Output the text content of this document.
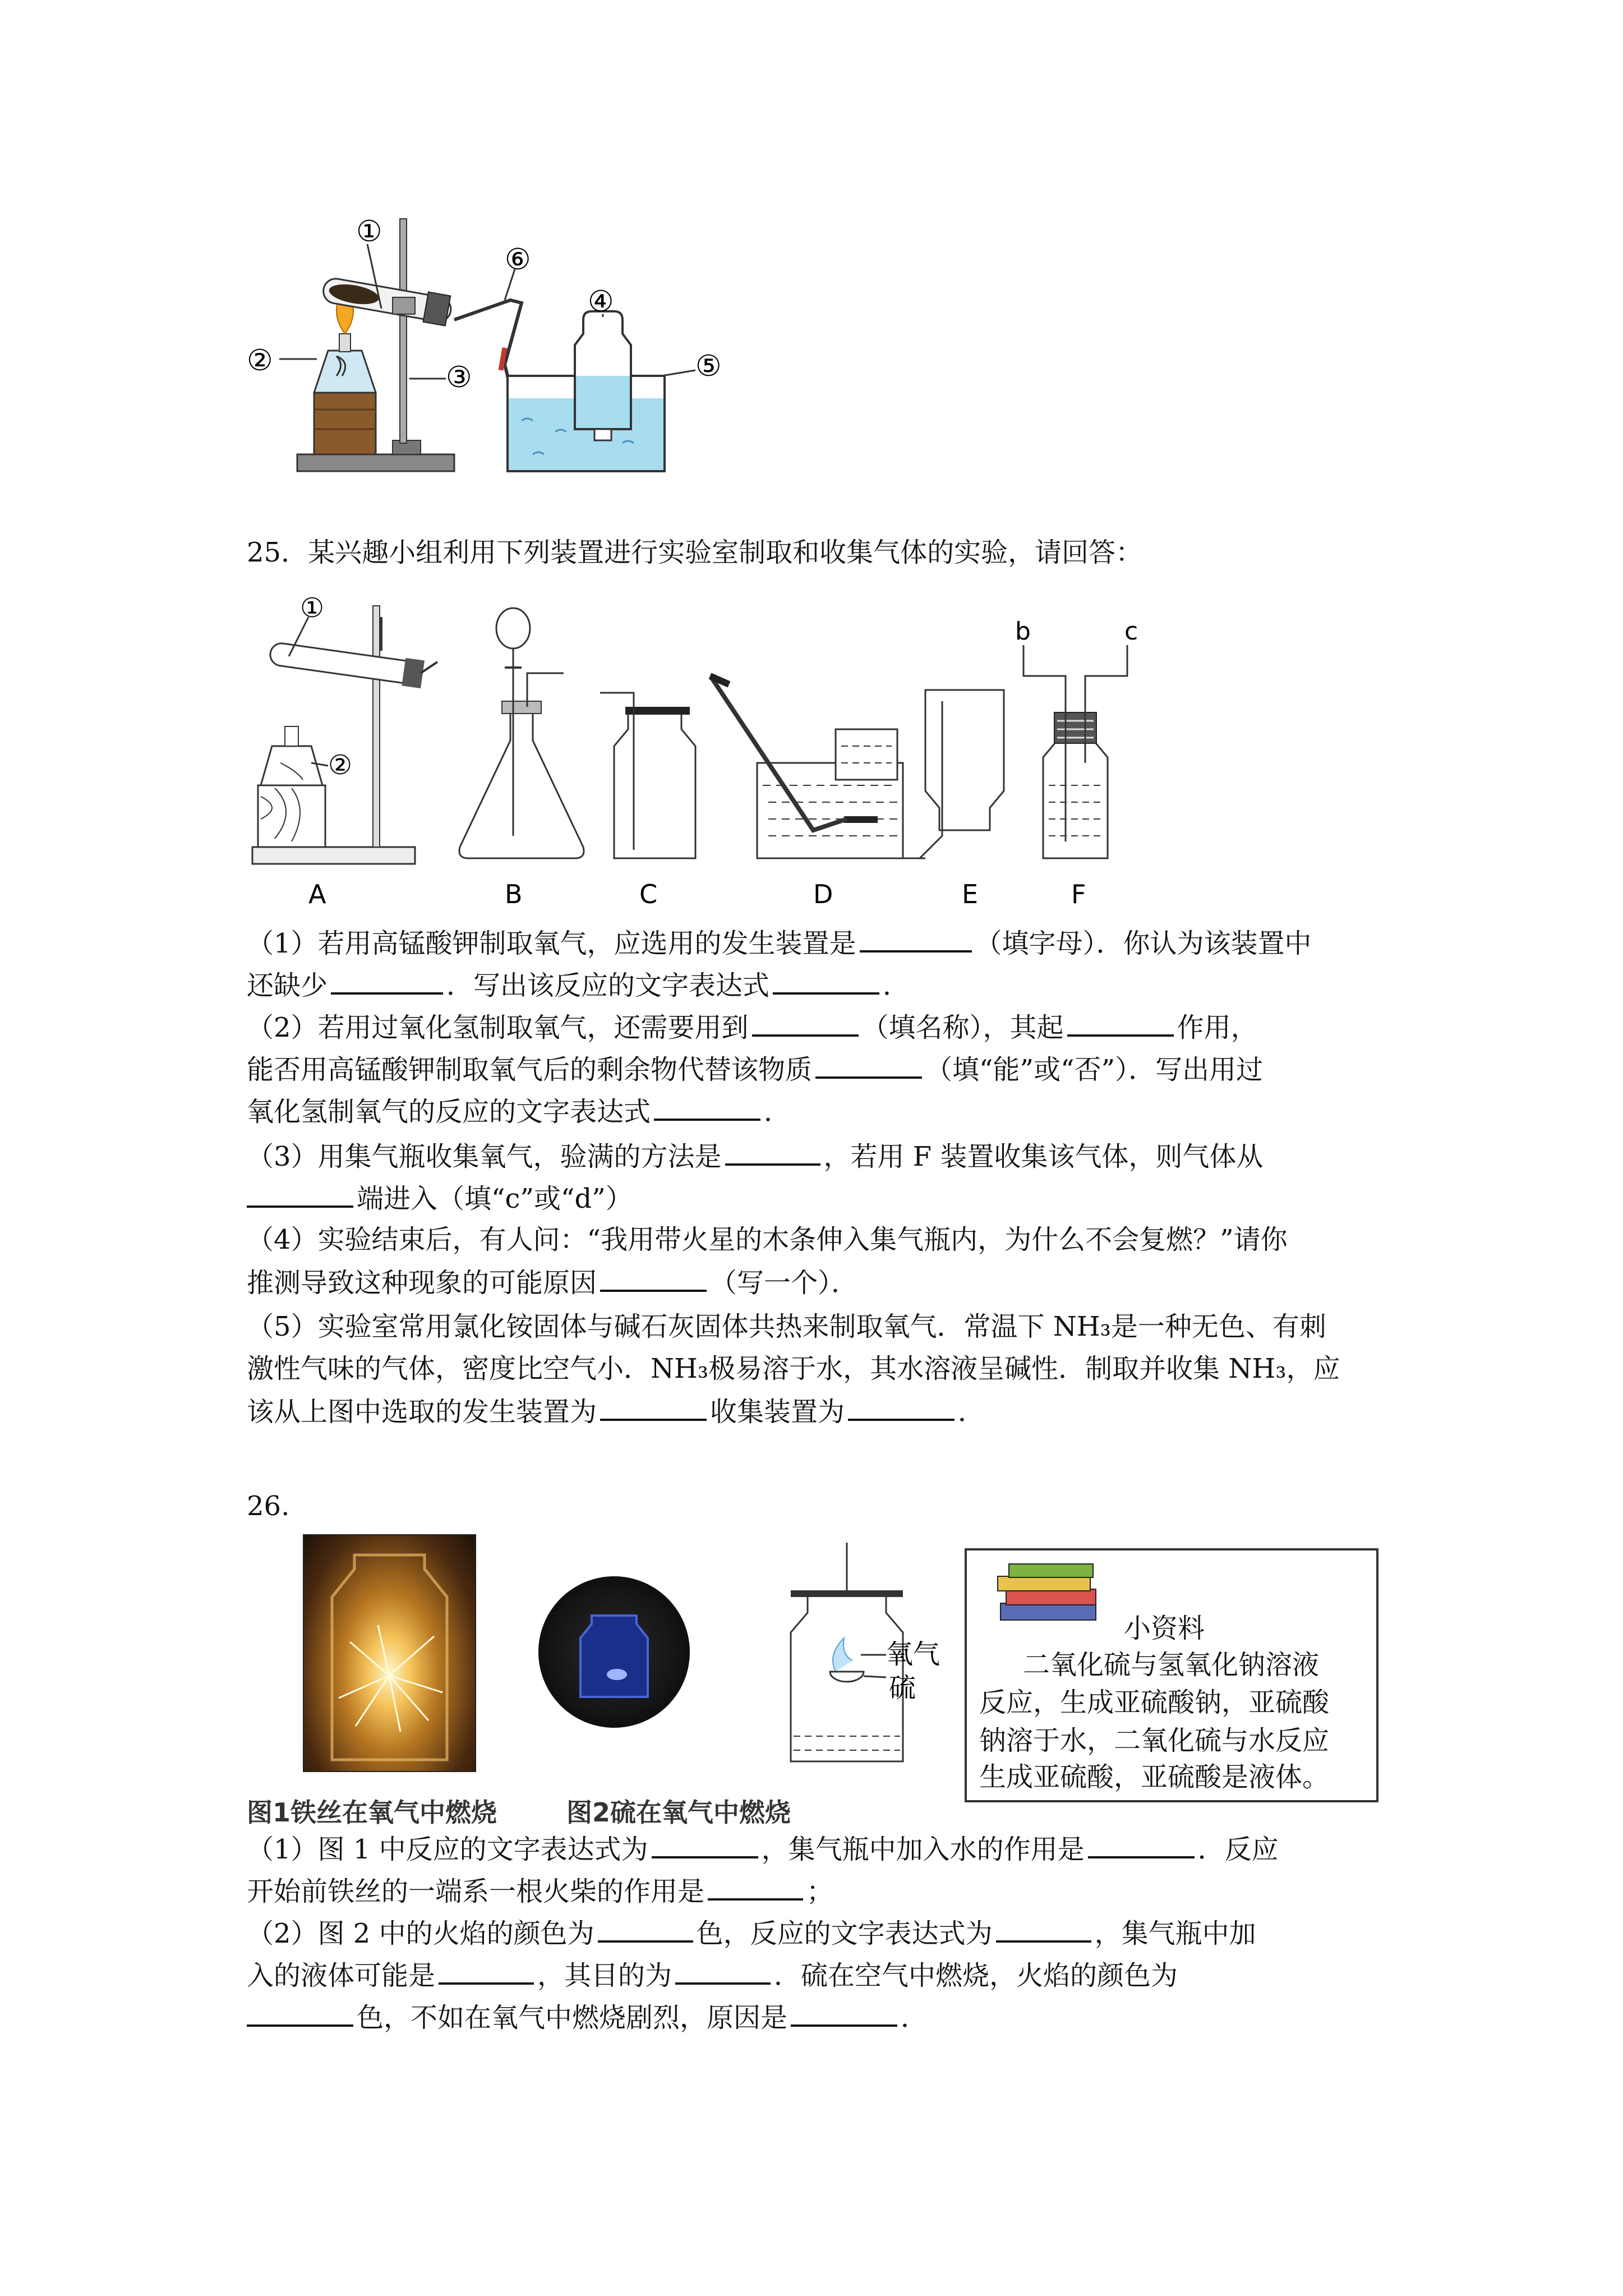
①
②	③
④
⑤
⑥
25．某兴趣小组利用下列装置进行实验室制取和收集气体的实验，请回答：
①
②
b	c
A	B	C	D	E	F
（1）若用高锰酸钾制取氧气，应选用的发生装置是	（填字母）．你认为该装置中
还缺少	．写出该反应的文字表达式	．
（2）若用过氧化氢制取氧气，还需要用到	（填名称），其起	作用，
能否用高锰酸钾制取氧气后的剩余物代替该物质	（填“能”或“否”）．写出用过
氧化氢制氧气的反应的文字表达式	．
（3）用集气瓶收集氧气，验满的方法是	，若用 F 装置收集该气体，则气体从
端进入（填“c”或“d”）
（4）实验结束后，有人问：“我用带火星的木条伸入集气瓶内，为什么不会复燃？”请你
推测导致这种现象的可能原因	（写一个）．
（5）实验室常用氯化铵固体与碱石灰固体共热来制取氧气．常温下 NH₃是一种无色、有刺
激性气味的气体，密度比空气小．NH₃极易溶于水，其水溶液呈碱性．制取并收集 NH₃，应
该从上图中选取的发生装置为	收集装置为	．
26.
氧气
硫
小资料
二氧化硫与氢氧化钠溶液
反应，生成亚硫酸钠，亚硫酸
钠溶于水，二氧化硫与水反应
生成亚硫酸，亚硫酸是液体。
图1铁丝在氧气中燃烧	图2硫在氧气中燃烧
（1）图 1 中反应的文字表达式为	，集气瓶中加入水的作用是	．反应
开始前铁丝的一端系一根火柴的作用是	；
（2）图 2 中的火焰的颜色为	色，反应的文字表达式为	，集气瓶中加
入的液体可能是	，其目的为	．硫在空气中燃烧，火焰的颜色为
色，不如在氧气中燃烧剧烈，原因是	．
